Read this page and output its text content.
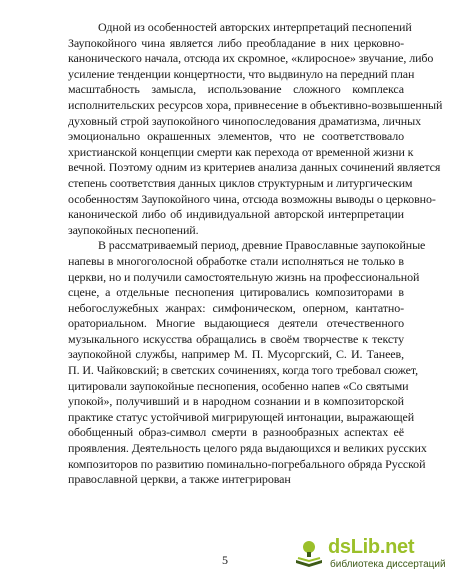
Одной из особенностей авторских интерпретаций песнопений
Заупокойного чина является либо преобладание в них церковно-
канонического начала, отсюда их скромное, «клиросное» звучание, либо
усиление тенденции концертности, что выдвинуло на передний план
масштабность замысла, использование сложного комплекса
исполнительских ресурсов хора, привнесение в объективно-возвышенный
духовный строй заупокойного чинопоследования драматизма, личных
эмоционально окрашенных элементов, что не соответствовало
христианской концепции смерти как перехода от временной жизни к
вечной. Поэтому одним из критериев анализа данных сочинений является
степень соответствия данных циклов структурным и литургическим
особенностям Заупокойного чина, отсюда возможны выводы о церковно-
канонической либо об индивидуальной авторской интерпретации
заупокойных песнопений.
В рассматриваемый период, древние Православные заупокойные
напевы в многоголосной обработке стали исполняться не только в
церкви, но и получили самостоятельную жизнь на профессиональной
сцене, а отдельные песнопения цитировались композиторами в
небогослужебных жанрах: симфоническом, оперном, кантатно-
ораториальном. Многие выдающиеся деятели отечественного
музыкального искусства обращались в своём творчестве к тексту
заупокойной службы, например М. П. Мусоргский, С. И. Танеев,
П. И. Чайковский; в светских сочинениях, когда того требовал сюжет,
цитировали заупокойные песнопения, особенно напев «Со святыми
упокой», получивший и в народном сознании и в композиторской
практике статус устойчивой мигрирующей интонации, выражающей
обобщенный образ-символ смерти в разнообразных аспектах её
проявления. Деятельность целого ряда выдающихся и великих русских
композиторов по развитию поминально-погребального обряда Русской
православной церкви, а также интегрирован
5
dsLib.net
библиотека диссертаций
